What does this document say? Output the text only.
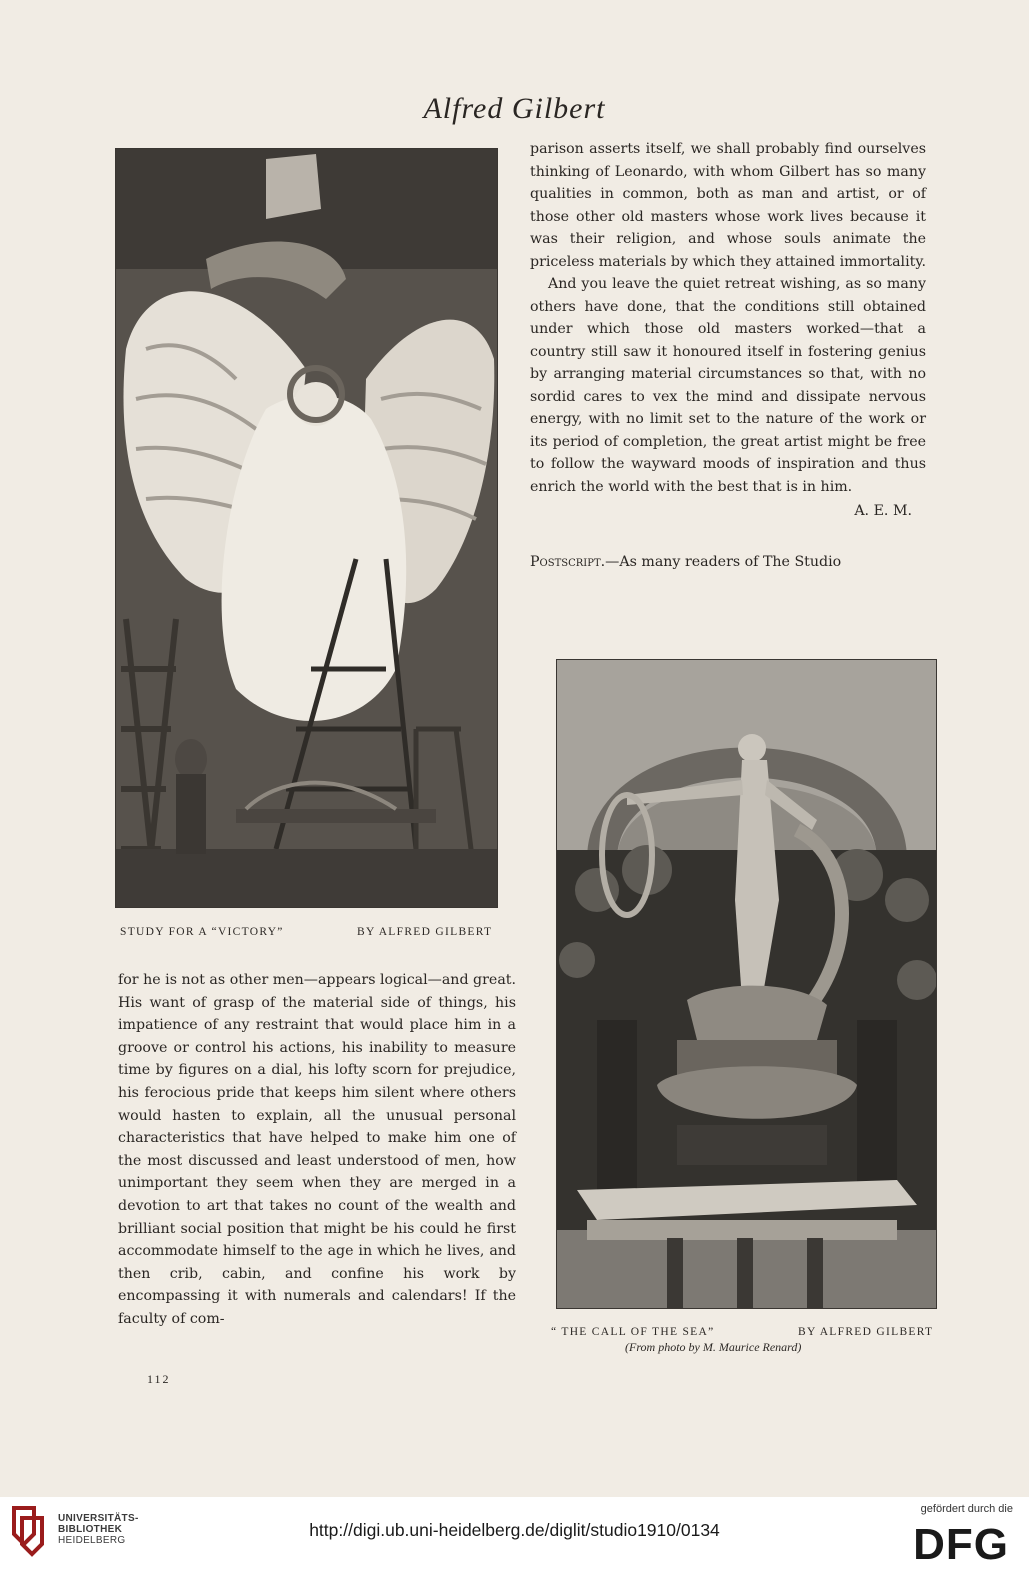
Alfred Gilbert
STUDY FOR A “VICTORY”	BY ALFRED GILBERT

parison asserts itself, we shall probably find ourselves thinking of Leonardo, with whom Gilbert has so many qualities in common, both as man and artist, or of those other old masters whose work lives because it was their religion, and whose souls animate the priceless materials by which they attained immortality.

And you leave the quiet retreat wishing, as so many others have done, that the conditions still obtained under which those old masters worked—that a country still saw it honoured itself in fostering genius by arranging material circumstances so that, with no sordid cares to vex the mind and dissipate nervous energy, with no limit set to the nature of the work or its period of completion, the great artist might be free to follow the wayward moods of inspiration and thus enrich the world with the best that is in him.

A. E. M.

Postscript.—As many readers of The Studio

“ THE CALL OF THE SEA”	BY ALFRED GILBERT
(From photo by M. Maurice Renard)

for he is not as other men—appears logical—and great. His want of grasp of the material side of things, his impatience of any restraint that would place him in a groove or control his actions, his inability to measure time by figures on a dial, his lofty scorn for prejudice, his ferocious pride that keeps him silent where others would hasten to explain, all the unusual personal characteristics that have helped to make him one of the most discussed and least understood of men, how unimportant they seem when they are merged in a devotion to art that takes no count of the wealth and brilliant social position that might be his could he first accommodate himself to the age in which he lives, and then crib, cabin, and confine his work by encompassing it with numerals and calendars! If the faculty of com-

112
UNIVERSITÄTS-
BIBLIOTHEK
HEIDELBERG
http://digi.ub.uni-heidelberg.de/diglit/studio1910/0134
gefördert durch die
DFG
